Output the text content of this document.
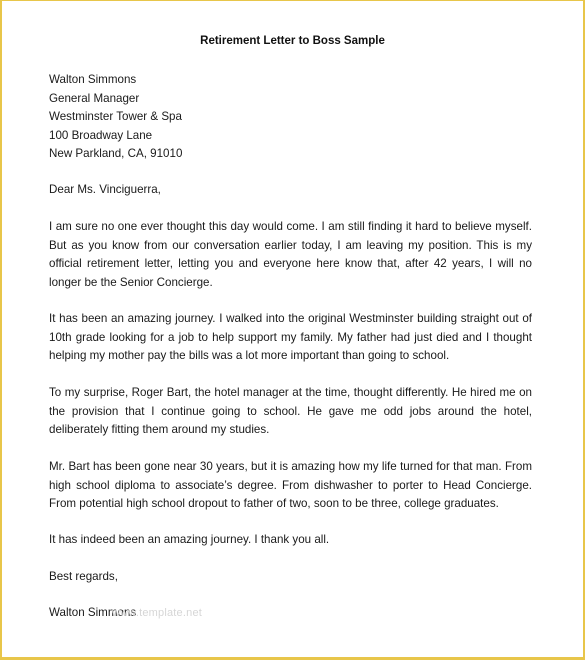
Retirement Letter to Boss Sample
Walton Simmons
General Manager
Westminster Tower & Spa
100 Broadway Lane
New Parkland, CA, 91010
Dear Ms. Vinciguerra,
I am sure no one ever thought this day would come. I am still finding it hard to believe myself. But as you know from our conversation earlier today, I am leaving my position. This is my official retirement letter, letting you and everyone here know that, after 42 years, I will no longer be the Senior Concierge.
It has been an amazing journey. I walked into the original Westminster building straight out of 10th grade looking for a job to help support my family. My father had just died and I thought helping my mother pay the bills was a lot more important than going to school.
To my surprise, Roger Bart, the hotel manager at the time, thought differently. He hired me on the provision that I continue going to school. He gave me odd jobs around the hotel, deliberately fitting them around my studies.
Mr. Bart has been gone near 30 years, but it is amazing how my life turned for that man. From high school diploma to associate’s degree. From dishwasher to porter to Head Concierge. From potential high school dropout to father of two, soon to be three, college graduates.
It has indeed been an amazing journey. I thank you all.
Best regards,
Walton Simmons
www.template.net
